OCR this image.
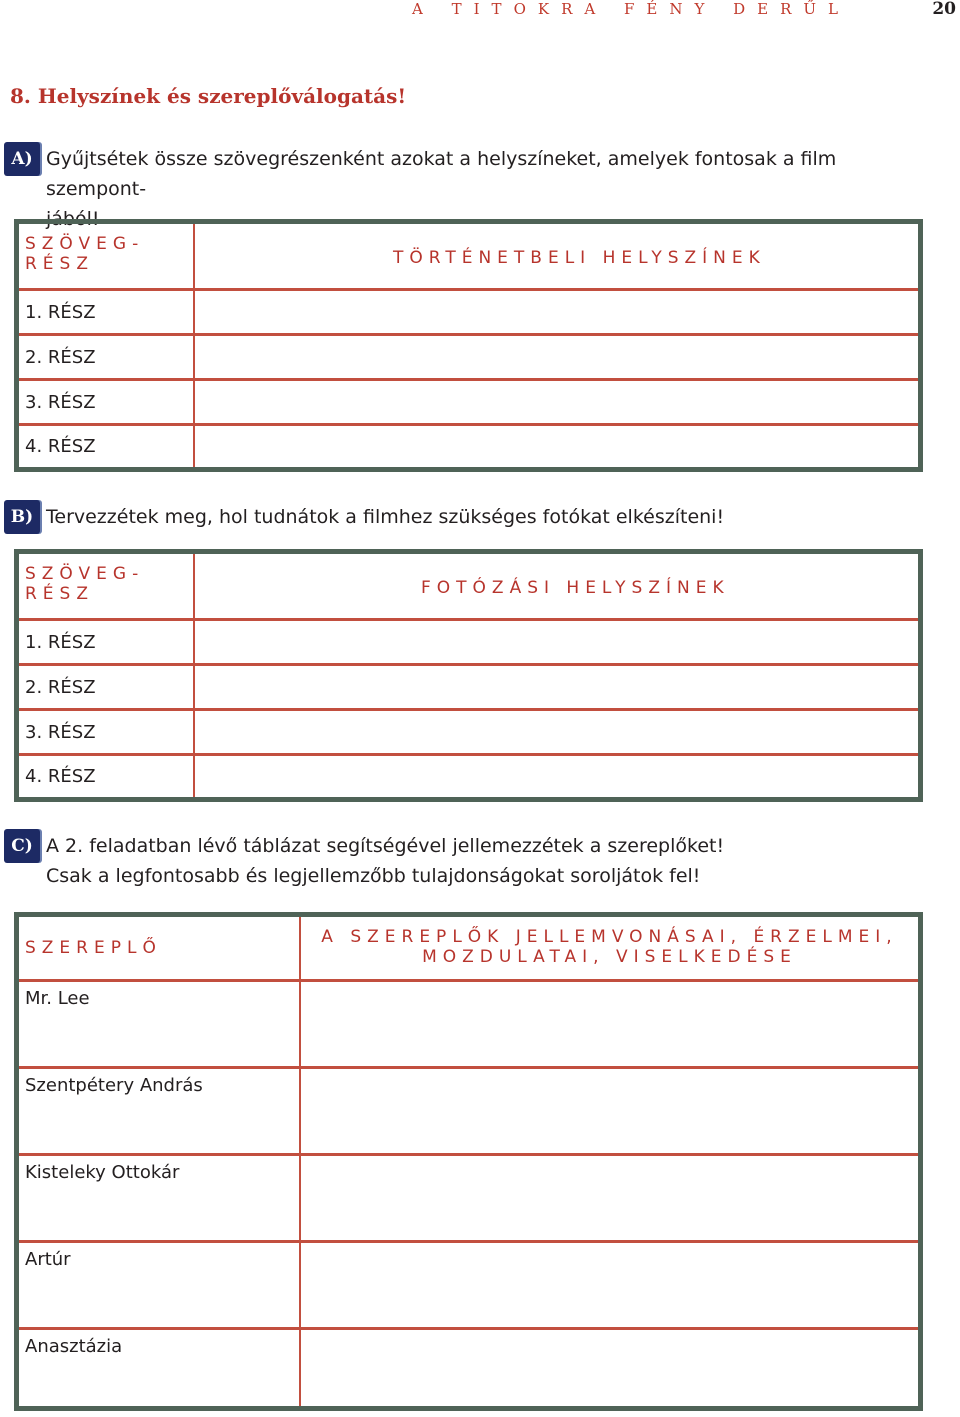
A TITOKRA FÉNY DERŰL	20
8. Helyszínek és szereplőválogatás!
A) Gyűjtsétek össze szövegrészenként azokat a helyszíneket, amelyek fontosak a film szempont-
jából!
SZÖVEG-
RÉSZ	TÖRTÉNETBELI HELYSZÍNEK
1. RÉSZ	
2. RÉSZ	
3. RÉSZ	
4. RÉSZ	
B) Tervezzétek meg, hol tudnátok a filmhez szükséges fotókat elkészíteni!
SZÖVEG-
RÉSZ	FOTÓZÁSI HELYSZÍNEK
1. RÉSZ	
2. RÉSZ	
3. RÉSZ	
4. RÉSZ	
C) A 2. feladatban lévő táblázat segítségével jellemezzétek a szereplőket!
Csak a legfontosabb és legjellemzőbb tulajdonságokat soroljátok fel!
SZEREPLŐ	A SZEREPLŐK JELLEMVONÁSAI, ÉRZELMEI,
MOZDULATAI, VISELKEDÉSE

Mr. Lee	
Szentpétery András	
Kisteleky Ottokár	
Artúr	
Anasztázia	
